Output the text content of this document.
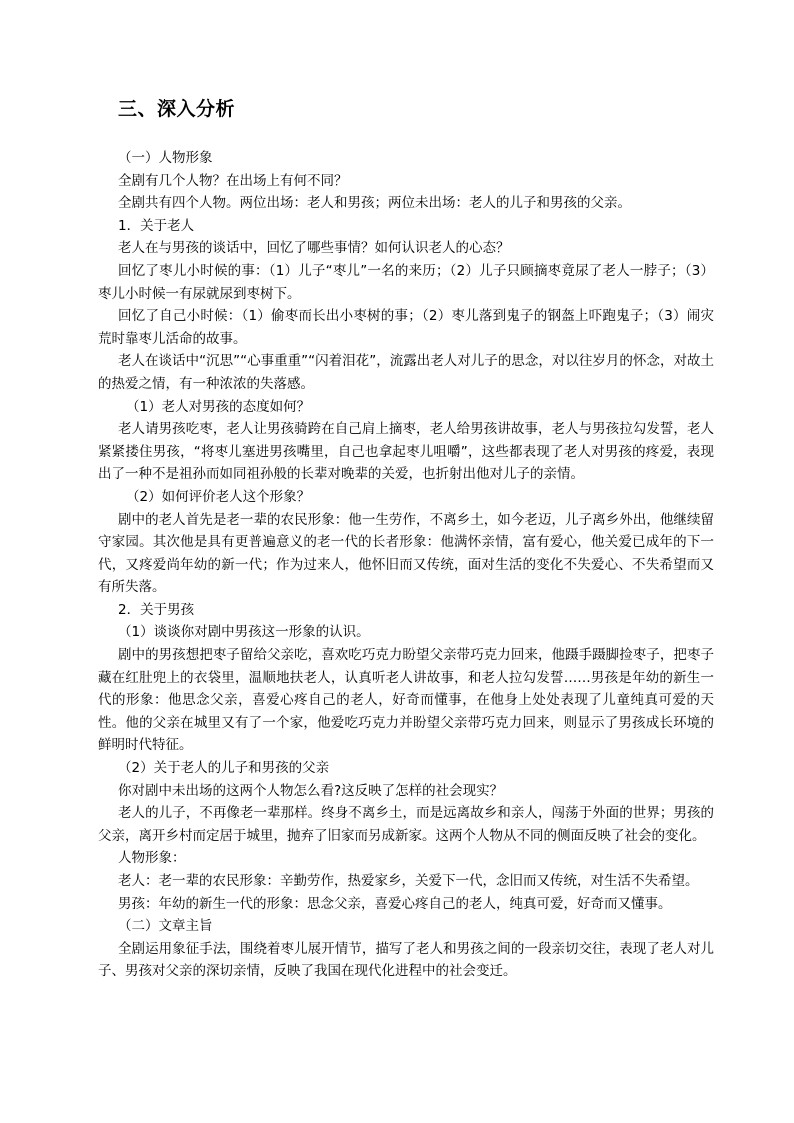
三、深入分析

（一）人物形象

全剧有几个人物？在出场上有何不同？

全剧共有四个人物。两位出场：老人和男孩；两位未出场：老人的儿子和男孩的父亲。

1．关于老人

老人在与男孩的谈话中，回忆了哪些事情？如何认识老人的心态？

回忆了枣儿小时候的事：（1）儿子“枣儿”一名的来历；（2）儿子只顾摘枣竟尿了老人一脖子；（3）枣儿小时候一有尿就尿到枣树下。

回忆了自己小时候：（1）偷枣而长出小枣树的事；（2）枣儿落到鬼子的钢盔上吓跑鬼子；（3）闹灾荒时靠枣儿活命的故事。

老人在谈话中“沉思”“心事重重”“闪着泪花”，流露出老人对儿子的思念，对以往岁月的怀念，对故土的热爱之情，有一种浓浓的失落感。

（1）老人对男孩的态度如何？

老人请男孩吃枣，老人让男孩骑跨在自己肩上摘枣，老人给男孩讲故事，老人与男孩拉勾发誓，老人紧紧搂住男孩，“将枣儿塞进男孩嘴里，自己也拿起枣儿咀嚼”，这些都表现了老人对男孩的疼爱，表现出了一种不是祖孙而如同祖孙般的长辈对晚辈的关爱，也折射出他对儿子的亲情。

（2）如何评价老人这个形象？

剧中的老人首先是老一辈的农民形象：他一生劳作，不离乡土，如今老迈，儿子离乡外出，他继续留守家园。其次他是具有更普遍意义的老一代的长者形象：他满怀亲情，富有爱心，他关爱已成年的下一代，又疼爱尚年幼的新一代；作为过来人，他怀旧而又传统，面对生活的变化不失爱心、不失希望而又有所失落。

2．关于男孩

（1）谈谈你对剧中男孩这一形象的认识。

剧中的男孩想把枣子留给父亲吃，喜欢吃巧克力盼望父亲带巧克力回来，他蹑手蹑脚捡枣子，把枣子藏在红肚兜上的衣袋里，温顺地扶老人，认真听老人讲故事，和老人拉勾发誓……男孩是年幼的新生一代的形象：他思念父亲，喜爱心疼自己的老人，好奇而懂事，在他身上处处表现了儿童纯真可爱的天性。他的父亲在城里又有了一个家，他爱吃巧克力并盼望父亲带巧克力回来，则显示了男孩成长环境的鲜明时代特征。

（2）关于老人的儿子和男孩的父亲

你对剧中未出场的这两个人物怎么看?这反映了怎样的社会现实？

老人的儿子，不再像老一辈那样。终身不离乡土，而是远离故乡和亲人，闯荡于外面的世界；男孩的父亲，离开乡村而定居于城里，抛弃了旧家而另成新家。这两个人物从不同的侧面反映了社会的变化。

人物形象：

老人：老一辈的农民形象：辛勤劳作，热爱家乡，关爱下一代，念旧而又传统，对生活不失希望。

男孩：年幼的新生一代的形象：思念父亲，喜爱心疼自己的老人，纯真可爱，好奇而又懂事。

（二）文章主旨

全剧运用象征手法，围绕着枣儿展开情节，描写了老人和男孩之间的一段亲切交往，表现了老人对儿子、男孩对父亲的深切亲情，反映了我国在现代化进程中的社会变迁。
